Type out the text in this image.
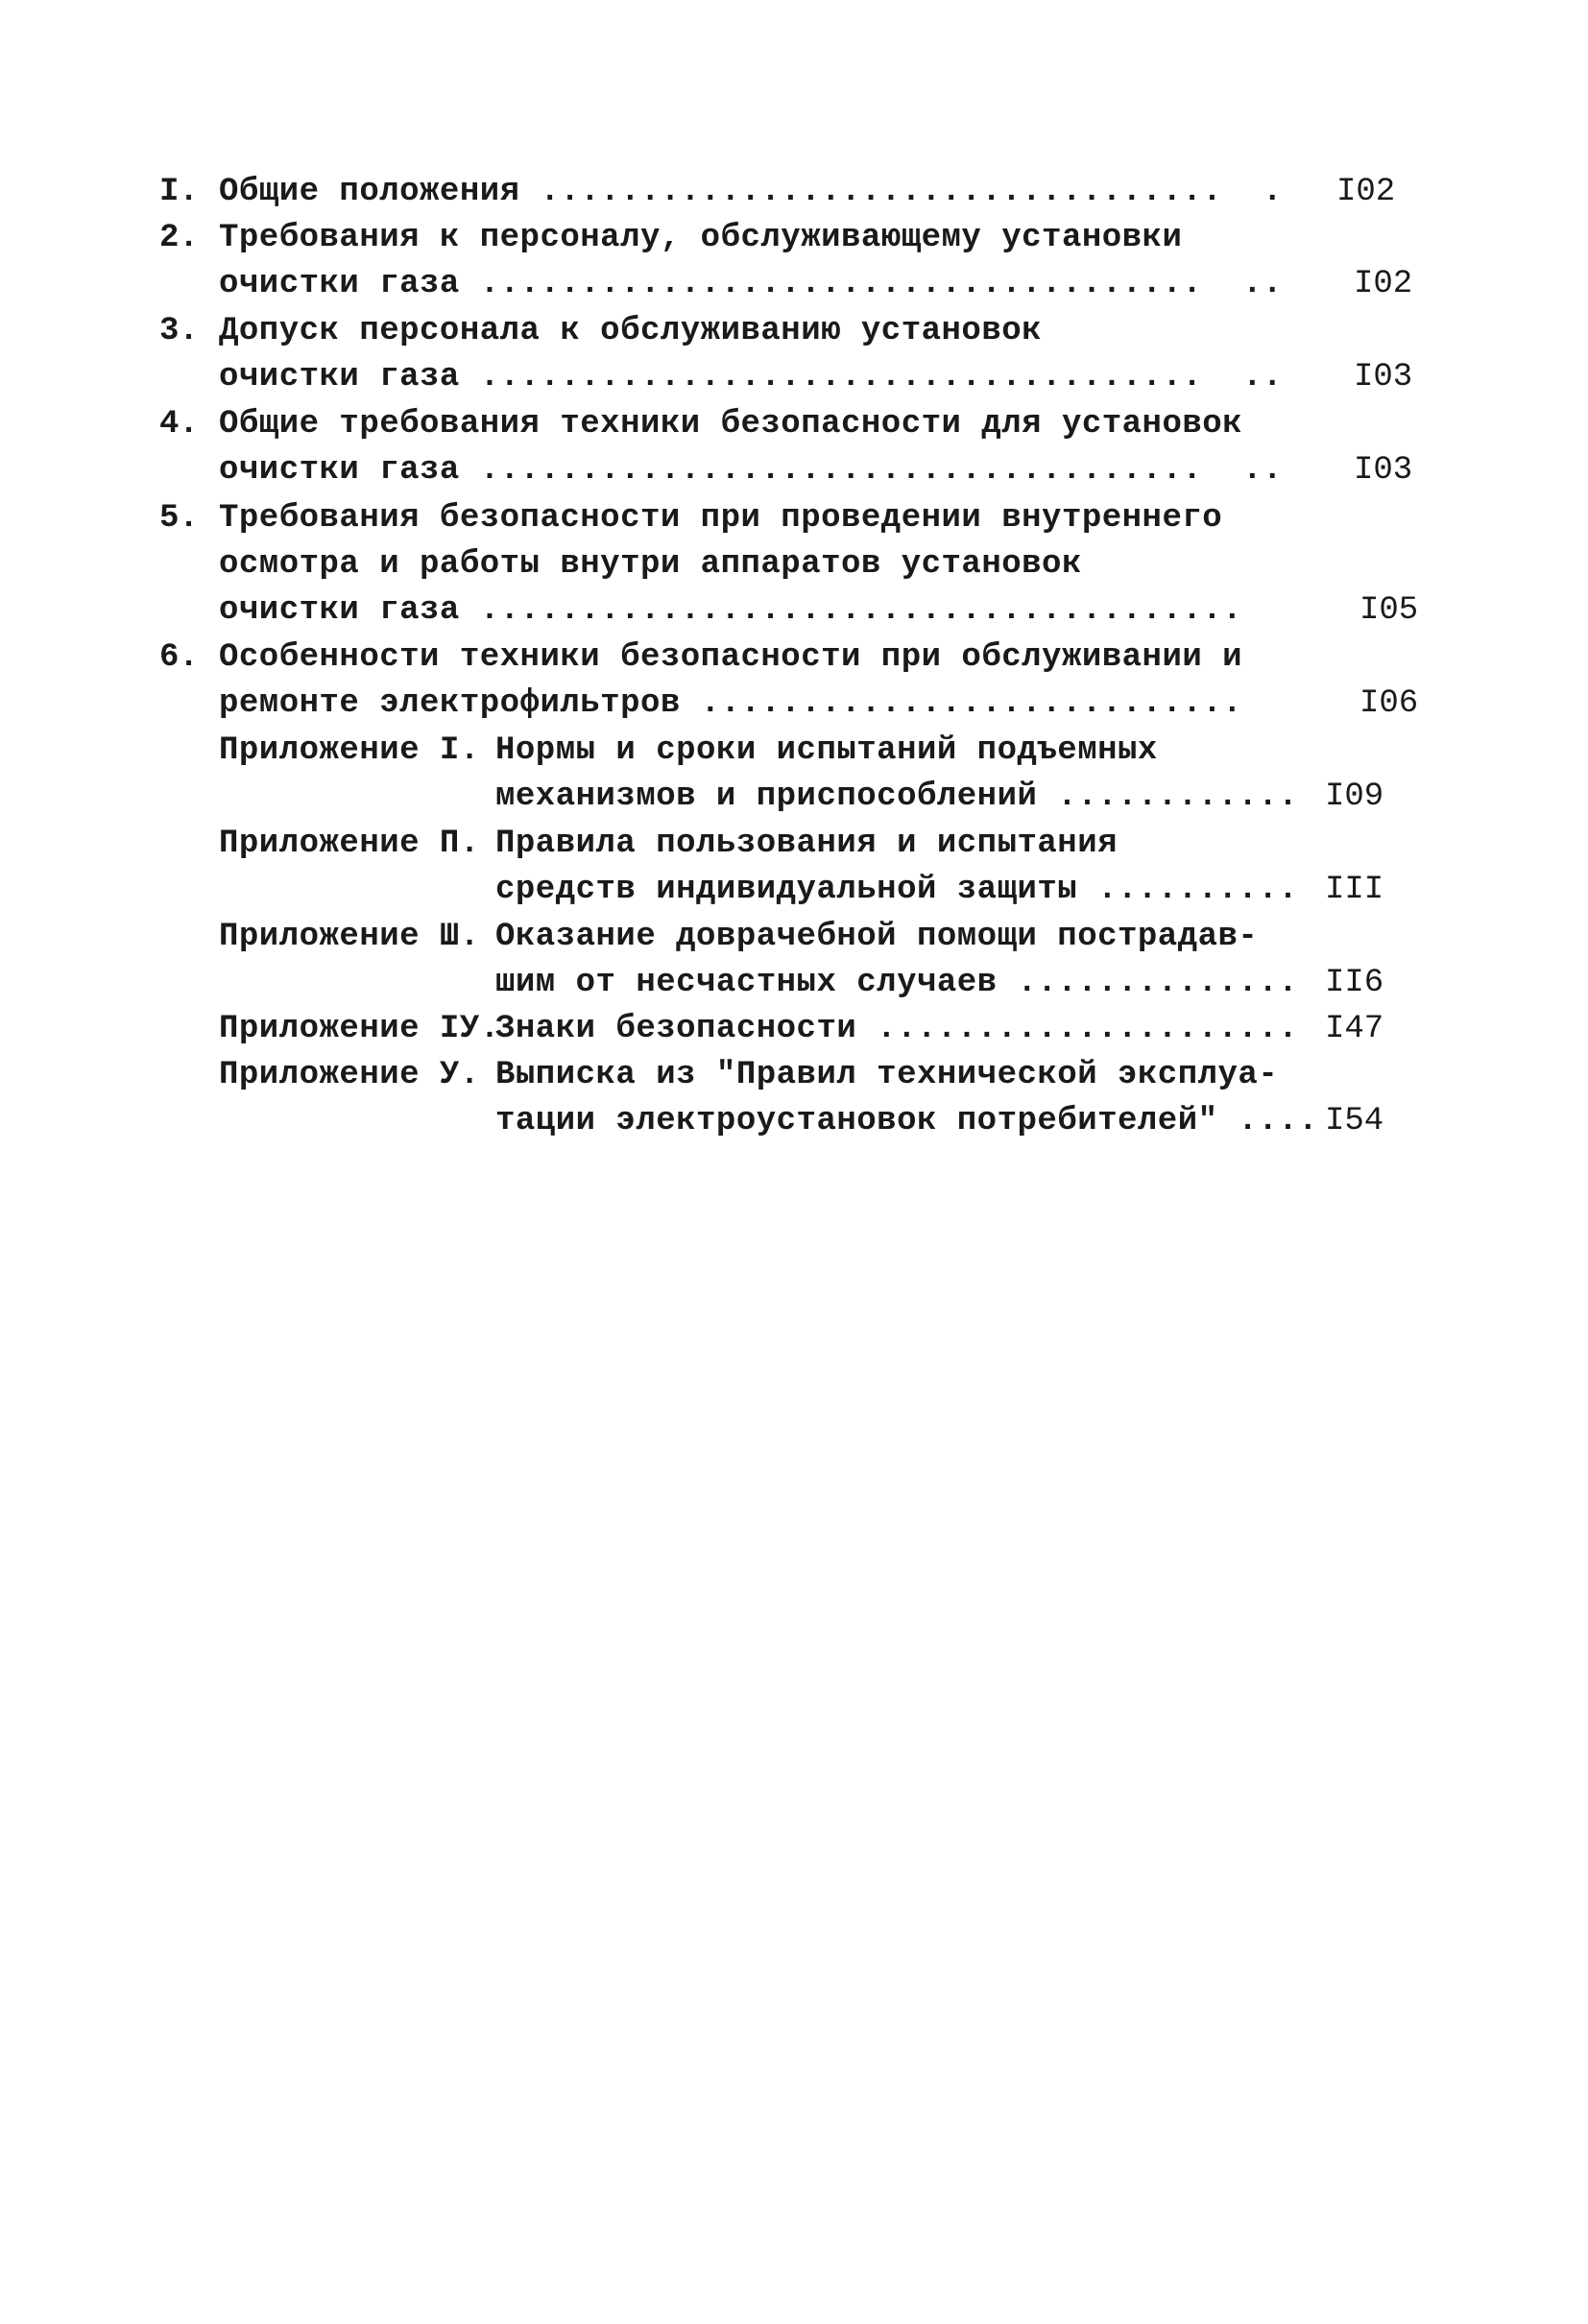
I. Общие положения ..................................  . I02
2. Требования к персоналу, обслуживающему установки
очистки газа ....................................  .. I02
3. Допуск персонала к обслуживанию установок
очистки газа ....................................  .. I03
4. Общие требования техники безопасности для установок
очистки газа ....................................  .. I03
5. Требования безопасности при проведении внутреннего
осмотра и работы внутри аппаратов установок
очистки газа ......................................	I05
6. Особенности техники безопасности при обслуживании и
ремонте электрофильтров ...........................	I06
Приложение I. Нормы и сроки испытаний подъемных
механизмов и приспособлений ............ I09
Приложение П. Правила пользования и испытания
средств индивидуальной защиты .......... III
Приложение Ш. Оказание доврачебной помощи пострадав-
шим от несчастных случаев .............. II6
Приложение IУ.
Знаки безопасности ..................... I47
Приложение У. Выписка из "Правил технической эксплуа-
тации электроустановок потребителей" .... I54
